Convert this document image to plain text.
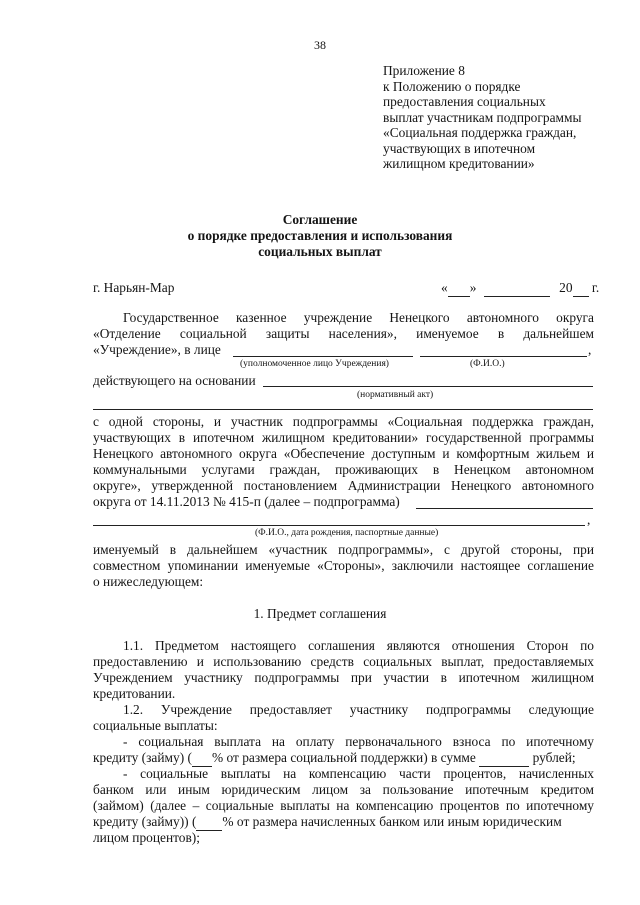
38
Приложение 8
к Положению о порядке
предоставления социальных
выплат участникам подпрограммы
«Социальная поддержка граждан,
участвующих в ипотечном
жилищном кредитовании»
Соглашение
о порядке предоставления и использования
социальных выплат
г. Нарьян-Мар	« »	20 г.
Государственное казенное учреждение Ненецкого автономного округа
«Отделение социальной защиты населения», именуемое в дальнейшем
«Учреждение», в лице	,
(уполномоченное лицо Учреждения)	(Ф.И.О.)
действующего на основании
(нормативный акт)
с одной стороны, и участник подпрограммы «Социальная поддержка граждан,
участвующих в ипотечном жилищном кредитовании» государственной программы
Ненецкого автономного округа «Обеспечение доступным и комфортным жильем и
коммунальными услугами граждан, проживающих в Ненецком автономном
округе», утвержденной постановлением Администрации Ненецкого автономного
округа от 14.11.2013 № 415-п (далее – подпрограмма)
,
(Ф.И.О., дата рождения, паспортные данные)
именуемый в дальнейшем «участник подпрограммы», с другой стороны, при
совместном упоминании именуемые «Стороны», заключили настоящее соглашение
о нижеследующем:
1. Предмет соглашения
1.1. Предметом настоящего соглашения являются отношения Сторон по
предоставлению и использованию средств социальных выплат, предоставляемых
Учреждением участнику подпрограммы при участии в ипотечном жилищном
кредитовании.
1.2. Учреждение предоставляет участнику подпрограммы следующие
социальные выплаты:
- социальная выплата на оплату первоначального взноса по ипотечному
кредиту (займу) ( % от размера социальной поддержки) в сумме	рублей;
- социальные выплаты на компенсацию части процентов, начисленных
банком или иным юридическим лицом за пользование ипотечным кредитом
(займом) (далее – социальные выплаты на компенсацию процентов по ипотечному
кредиту (займу)) ( % от размера начисленных банком или иным юридическим
лицом процентов);
